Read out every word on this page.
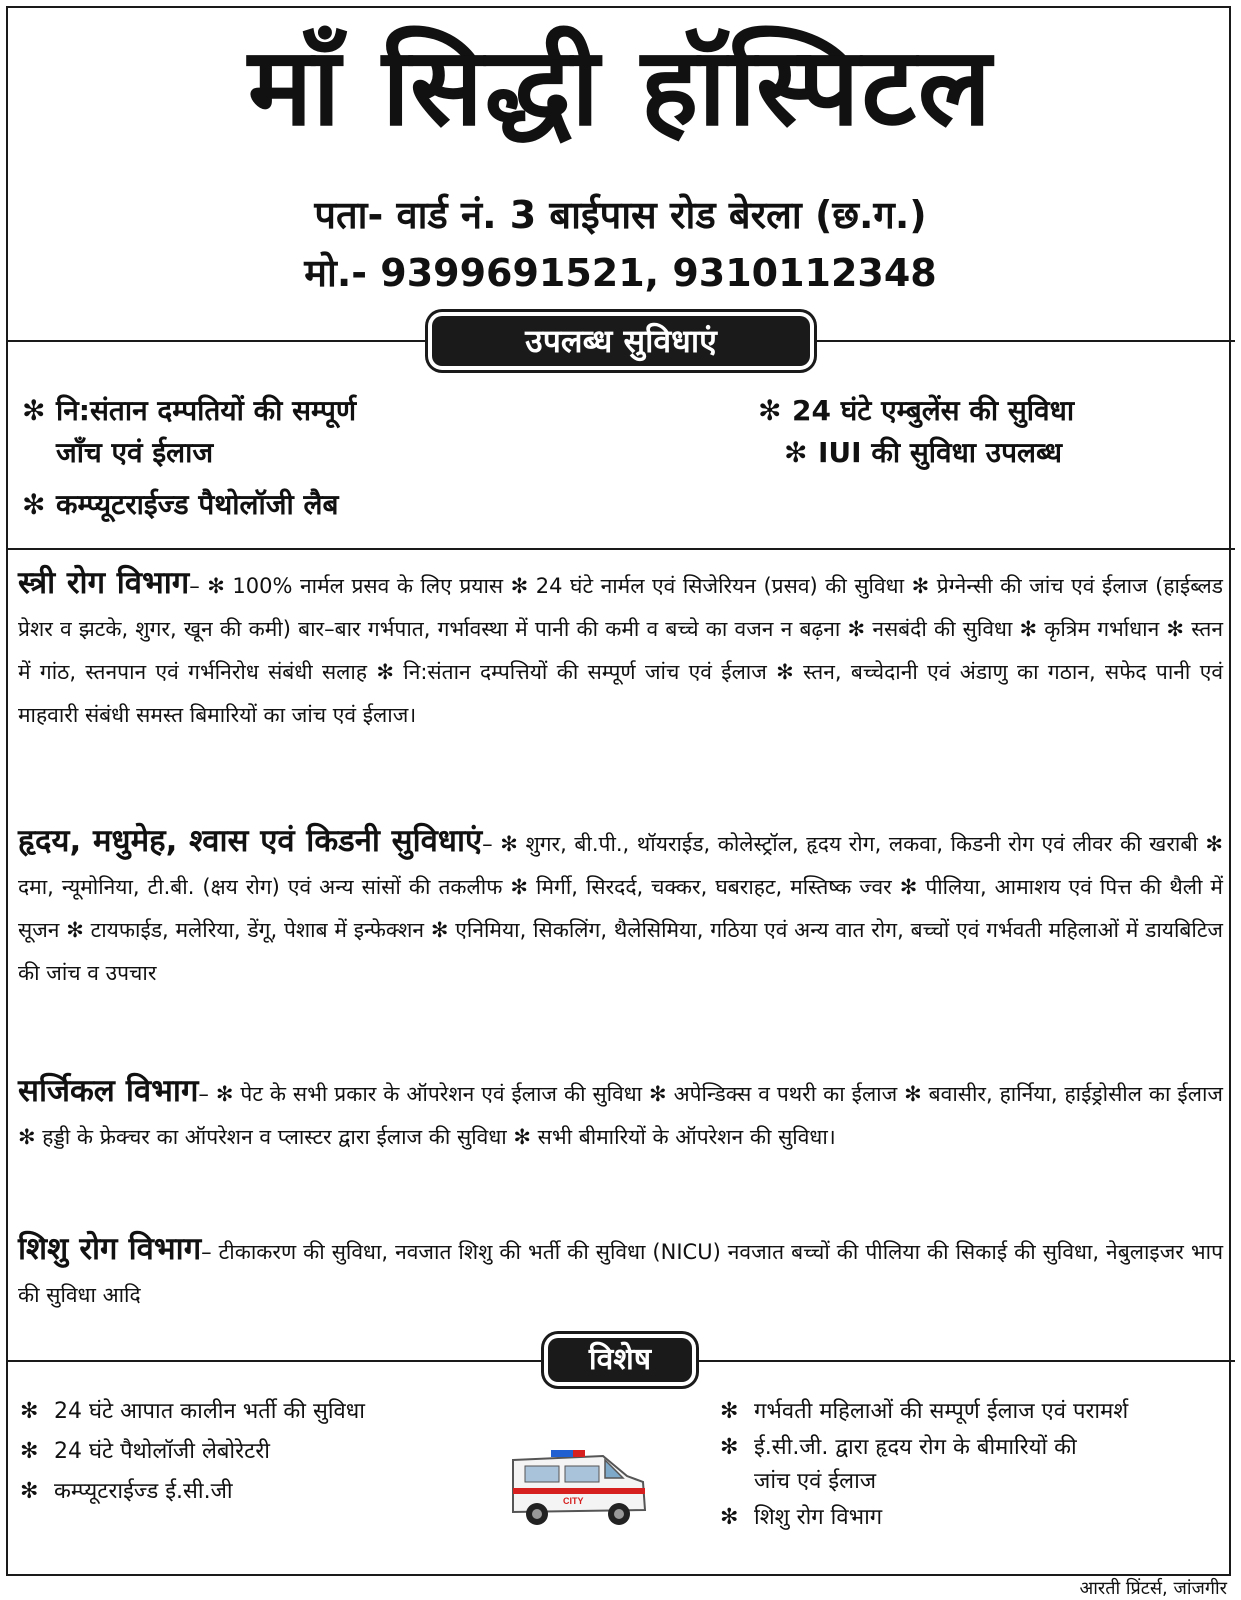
माँ सिद्धी हॉस्पिटल
पता- वार्ड नं. 3 बाईपास रोड बेरला (छ.ग.)
मो.- 9399691521, 9310112348
उपलब्ध सुविधाएं
✻ नि:संतान दम्पतियों की सम्पूर्ण
जाँच एवं ईलाज
✻ कम्प्यूटराईज्ड पैथोलॉजी लैब
✻ 24 घंटे एम्बुलेंस की सुविधा
✻ IUI की सुविधा उपलब्ध
स्त्री रोग विभाग– ✻ 100% नार्मल प्रसव के लिए प्रयास ✻ 24 घंटे नार्मल एवं सिजेरियन (प्रसव) की सुविधा ✻ प्रेग्नेन्सी की जांच एवं ईलाज (हाईब्लड प्रेशर व झटके, शुगर, खून की कमी) बार–बार गर्भपात, गर्भावस्था में पानी की कमी व बच्चे का वजन न बढ़ना ✻ नसबंदी की सुविधा ✻ कृत्रिम गर्भाधान ✻ स्तन में गांठ, स्तनपान एवं गर्भनिरोध संबंधी सलाह ✻ नि:संतान दम्पत्तियों की सम्पूर्ण जांच एवं ईलाज ✻ स्तन, बच्चेदानी एवं अंडाणु का गठान, सफेद पानी एवं माहवारी संबंधी समस्त बिमारियों का जांच एवं ईलाज।
हृदय, मधुमेह, श्वास एवं किडनी सुविधाएं– ✻ शुगर, बी.पी., थॉयराईड, कोलेस्ट्रॉल, हृदय रोग, लकवा, किडनी रोग एवं लीवर की खराबी ✻ दमा, न्यूमोनिया, टी.बी. (क्षय रोग) एवं अन्य सांसों की तकलीफ ✻ मिर्गी, सिरदर्द, चक्कर, घबराहट, मस्तिष्क ज्वर ✻ पीलिया, आमाशय एवं पित्त की थैली में सूजन ✻ टायफाईड, मलेरिया, डेंगू, पेशाब में इन्फेक्शन ✻ एनिमिया, सिकलिंग, थैलेसिमिया, गठिया एवं अन्य वात रोग, बच्चों एवं गर्भवती महिलाओं में डायबिटिज की जांच व उपचार
सर्जिकल विभाग– ✻ पेट के सभी प्रकार के ऑपरेशन एवं ईलाज की सुविधा ✻ अपेन्डिक्स व पथरी का ईलाज ✻ बवासीर, हार्निया, हाईड्रोसील का ईलाज ✻ हड्डी के फ्रेक्चर का ऑपरेशन व प्लास्टर द्वारा ईलाज की सुविधा ✻ सभी बीमारियों के ऑपरेशन की सुविधा।
शिशु रोग विभाग– टीकाकरण की सुविधा, नवजात शिशु की भर्ती की सुविधा (NICU) नवजात बच्चों की पीलिया की सिकाई की सुविधा, नेबुलाइजर भाप की सुविधा आदि
विशेष
✻ 24 घंटे आपात कालीन भर्ती की सुविधा
✻ 24 घंटे पैथोलॉजी लेबोरेटरी
✻ कम्प्यूटराईज्ड ई.सी.जी
✻ गर्भवती महिलाओं की सम्पूर्ण ईलाज एवं परामर्श
✻ ई.सी.जी. द्वारा हृदय रोग के बीमारियों की
जांच एवं ईलाज
✻ शिशु रोग विभाग
CITY
आरती प्रिंटर्स, जांजगीर
